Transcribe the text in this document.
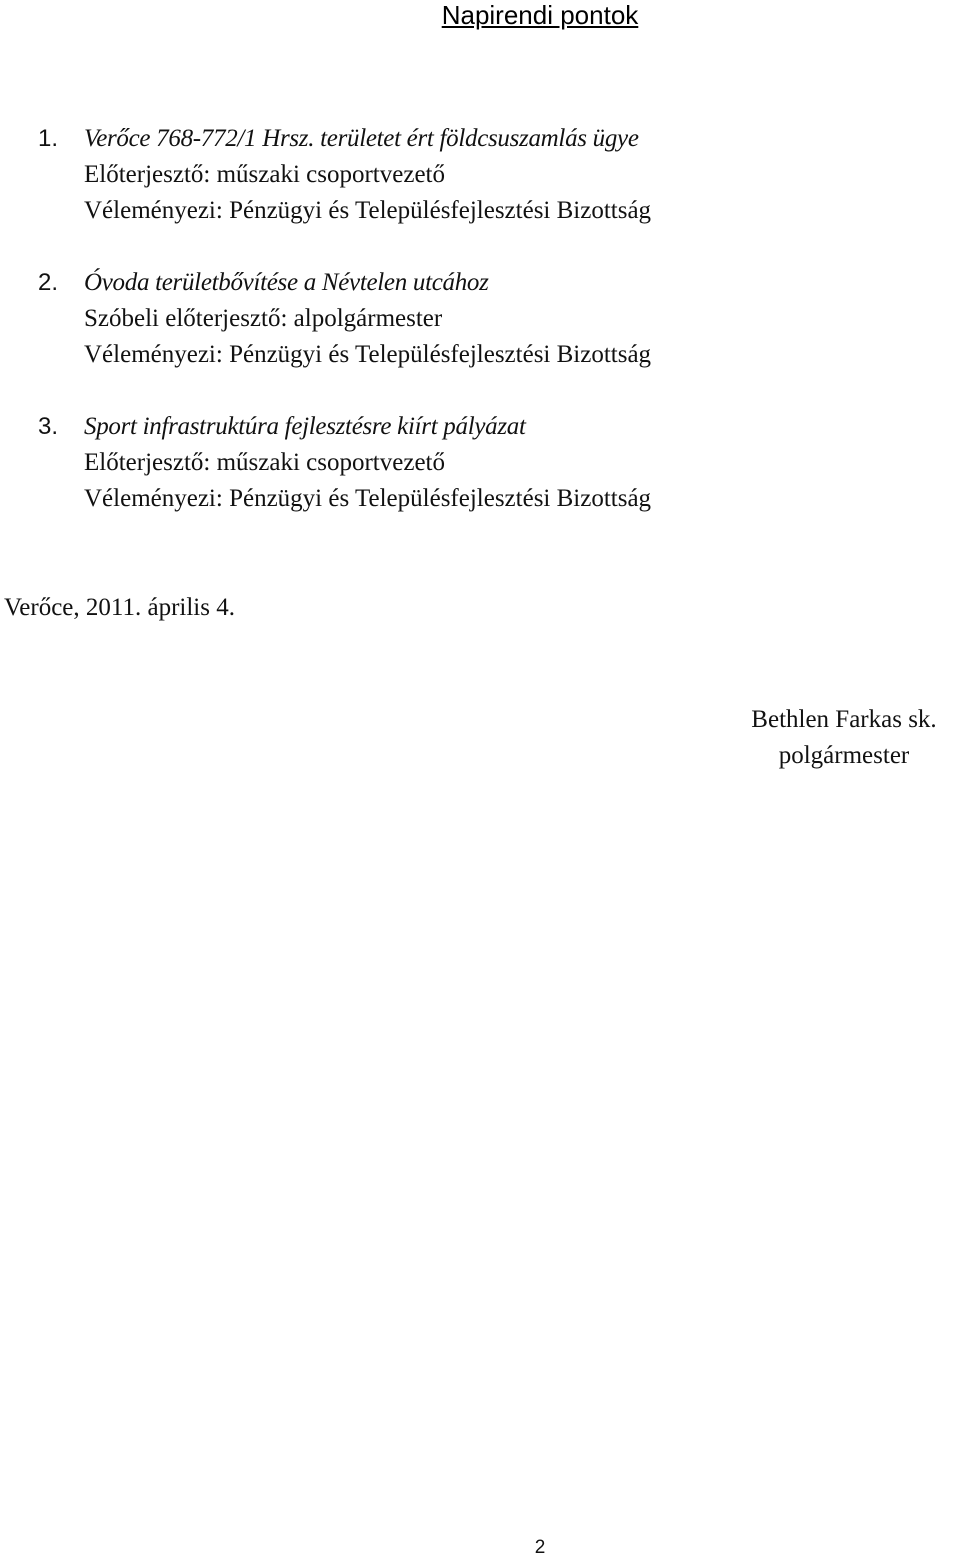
Napirendi pontok
1. Verőce 768-772/1 Hrsz. területet ért földcsuszamlás ügye
Előterjesztő: műszaki csoportvezető
Véleményezi: Pénzügyi és Településfejlesztési Bizottság
2. Óvoda területbővítése a Névtelen utcához
Szóbeli előterjesztő: alpolgármester
Véleményezi: Pénzügyi és Településfejlesztési Bizottság
3. Sport infrastruktúra fejlesztésre kiírt pályázat
Előterjesztő: műszaki csoportvezető
Véleményezi: Pénzügyi és Településfejlesztési Bizottság
Verőce, 2011. április 4.
Bethlen Farkas sk.
polgármester
2
